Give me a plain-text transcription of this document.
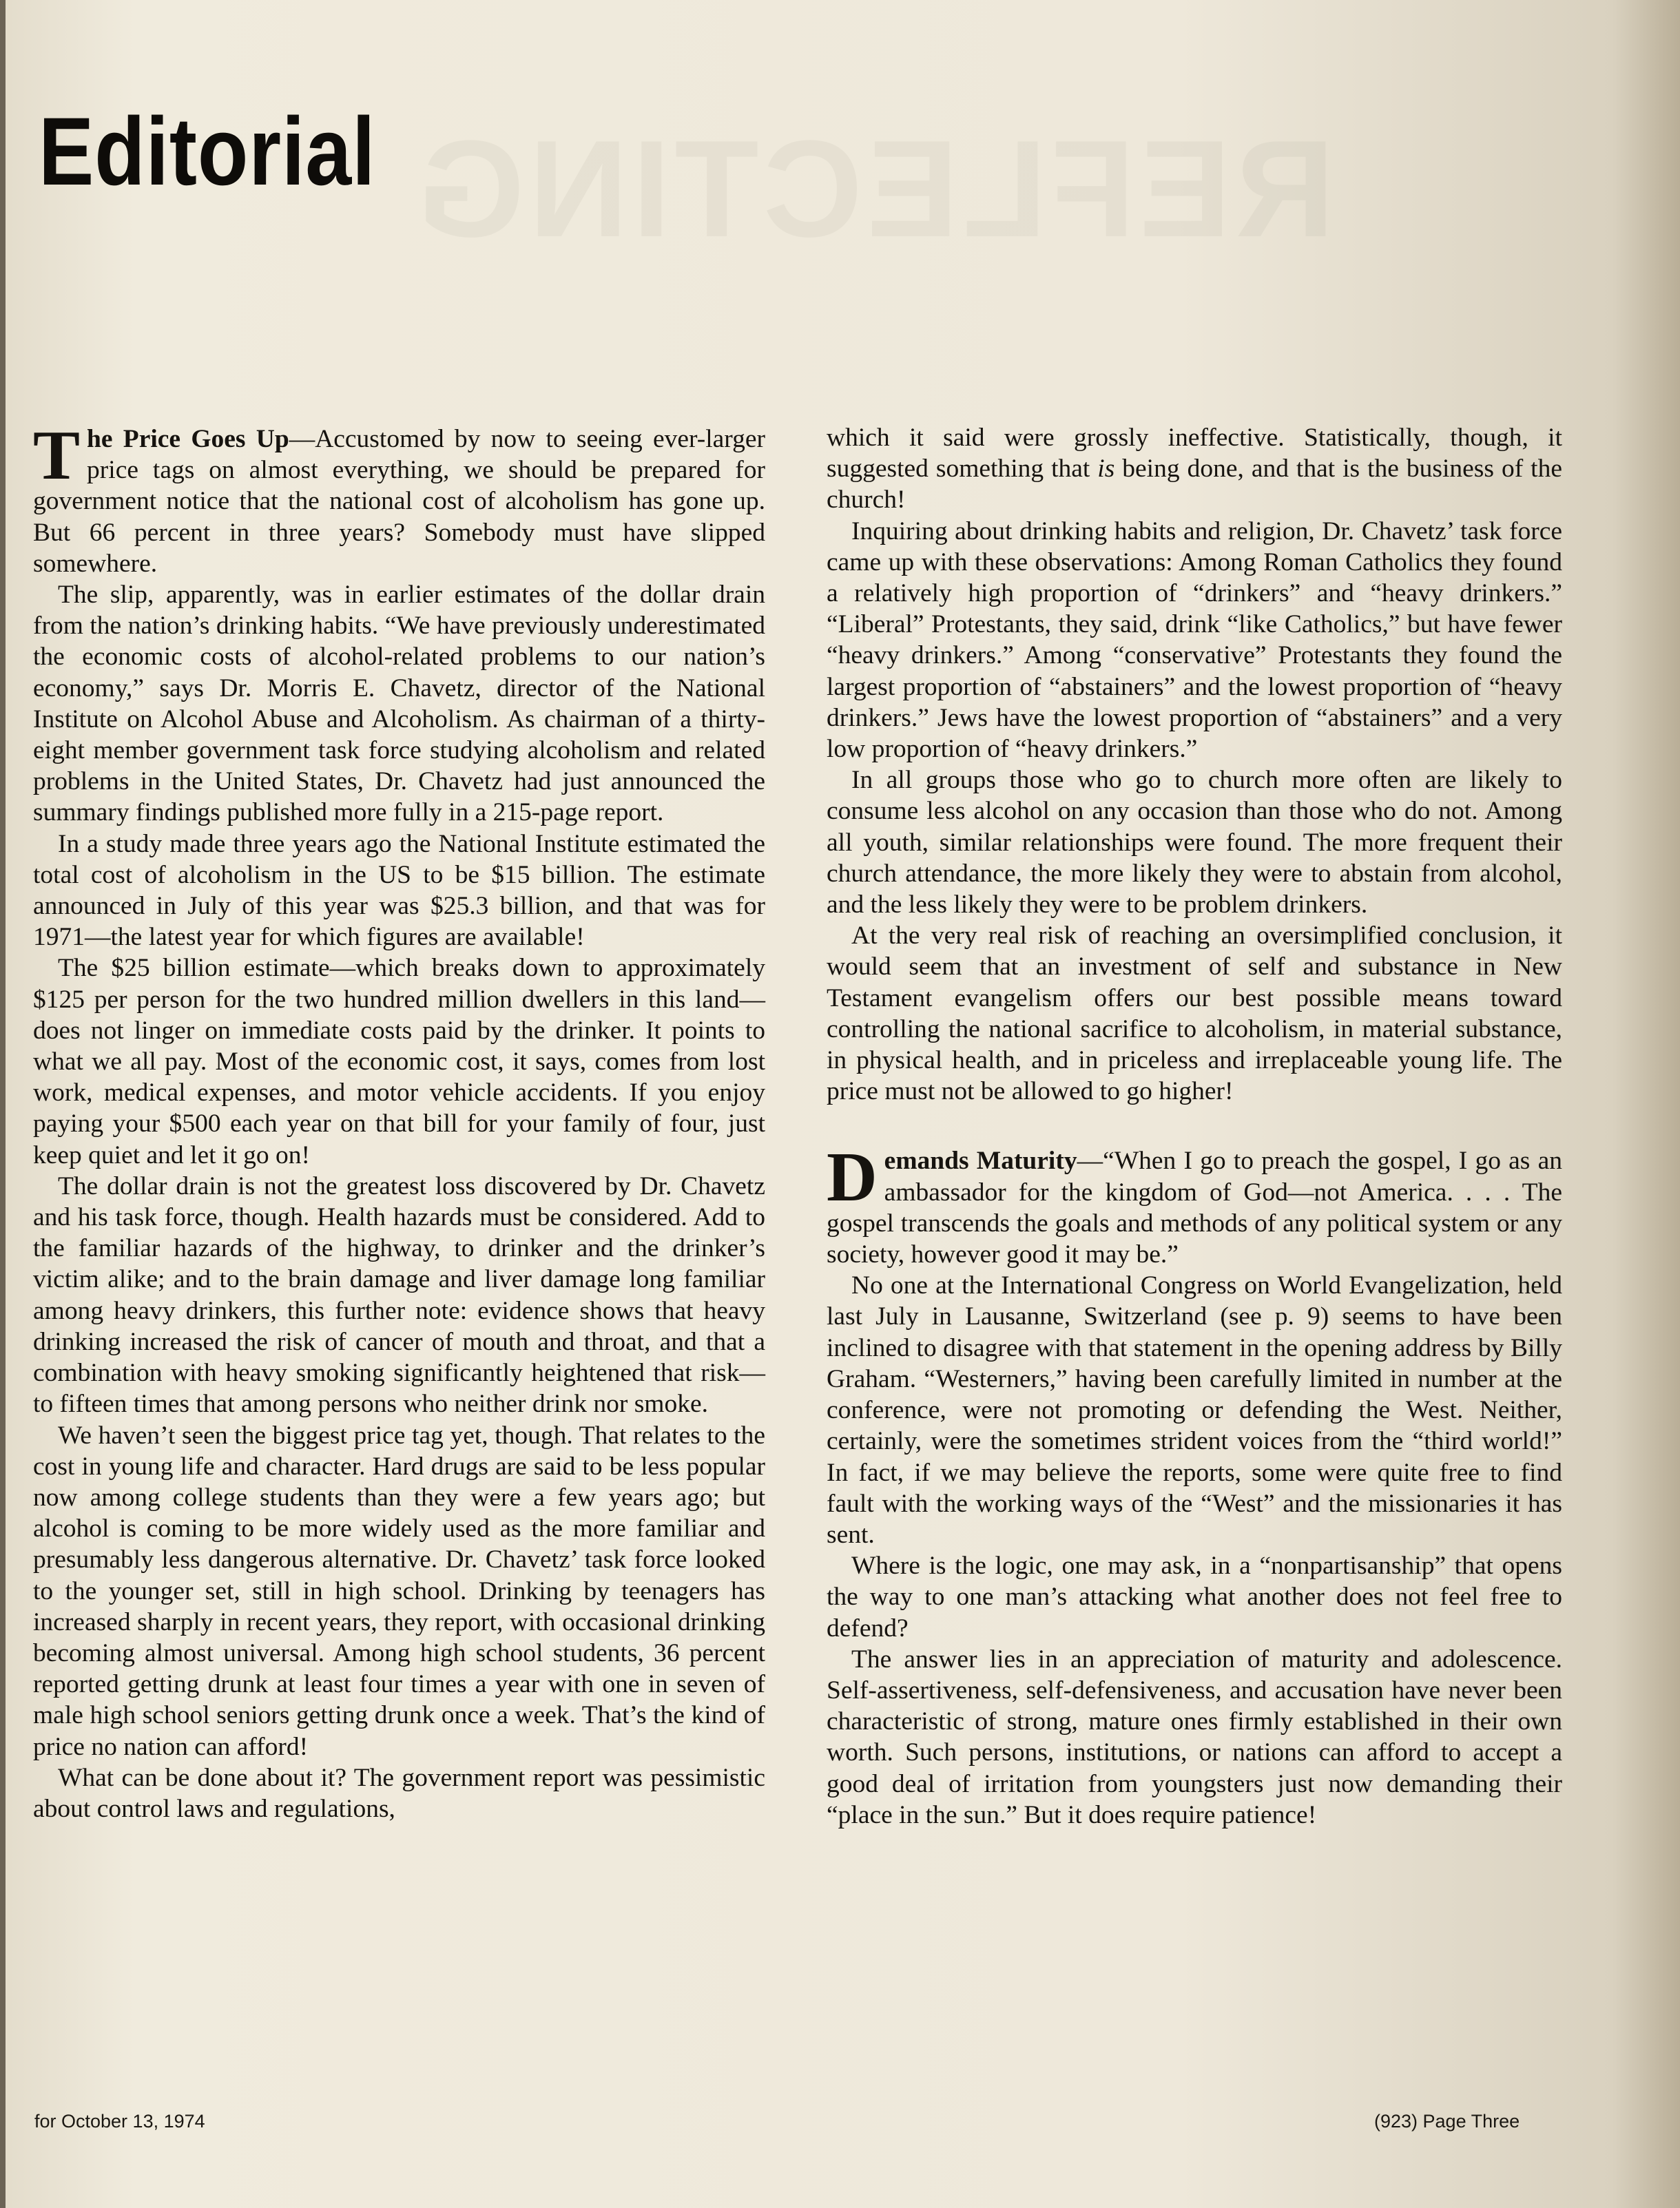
REFLECTING
Editorial

The Price Goes Up—Accustomed by now to seeing ever-larger price tags on almost everything, we should be prepared for government notice that the national cost of alcoholism has gone up. But 66 percent in three years? Somebody must have slipped somewhere.

The slip, apparently, was in earlier estimates of the dollar drain from the nation’s drinking habits. “We have previously underestimated the economic costs of alcohol-related problems to our nation’s economy,” says Dr. Morris E. Chavetz, director of the National Institute on Alcohol Abuse and Alcoholism. As chairman of a thirty-eight member government task force studying alcoholism and related problems in the United States, Dr. Chavetz had just announced the summary findings published more fully in a 215-page report.

In a study made three years ago the National Institute estimated the total cost of alcoholism in the US to be $15 billion. The estimate announced in July of this year was $25.3 billion, and that was for 1971—the latest year for which figures are available!

The $25 billion estimate—which breaks down to approximately $125 per person for the two hundred million dwellers in this land—does not linger on immediate costs paid by the drinker. It points to what we all pay. Most of the economic cost, it says, comes from lost work, medical expenses, and motor vehicle accidents. If you enjoy paying your $500 each year on that bill for your family of four, just keep quiet and let it go on!

The dollar drain is not the greatest loss discovered by Dr. Chavetz and his task force, though. Health hazards must be considered. Add to the familiar hazards of the highway, to drinker and the drinker’s victim alike; and to the brain damage and liver damage long familiar among heavy drinkers, this further note: evidence shows that heavy drinking increased the risk of cancer of mouth and throat, and that a combination with heavy smoking significantly heightened that risk—to fifteen times that among persons who neither drink nor smoke.

We haven’t seen the biggest price tag yet, though. That relates to the cost in young life and character. Hard drugs are said to be less popular now among college students than they were a few years ago; but alcohol is coming to be more widely used as the more familiar and presumably less dangerous alternative. Dr. Chavetz’ task force looked to the younger set, still in high school. Drinking by teenagers has increased sharply in recent years, they report, with occasional drinking becoming almost universal. Among high school students, 36 percent reported getting drunk at least four times a year with one in seven of male high school seniors getting drunk once a week. That’s the kind of price no nation can afford!

What can be done about it? The government report was pessimistic about control laws and regulations,

which it said were grossly ineffective. Statistically, though, it suggested something that is being done, and that is the business of the church!

Inquiring about drinking habits and religion, Dr. Chavetz’ task force came up with these observations: Among Roman Catholics they found a relatively high proportion of “drinkers” and “heavy drinkers.” “Liberal” Protestants, they said, drink “like Catholics,” but have fewer “heavy drinkers.” Among “conservative” Protestants they found the largest proportion of “abstainers” and the lowest proportion of “heavy drinkers.” Jews have the lowest proportion of “abstainers” and a very low proportion of “heavy drinkers.”

In all groups those who go to church more often are likely to consume less alcohol on any occasion than those who do not. Among all youth, similar relationships were found. The more frequent their church attendance, the more likely they were to abstain from alcohol, and the less likely they were to be problem drinkers.

At the very real risk of reaching an oversimplified conclusion, it would seem that an investment of self and substance in New Testament evangelism offers our best possible means toward controlling the national sacrifice to alcoholism, in material substance, in physical health, and in priceless and irreplaceable young life. The price must not be allowed to go higher!

Demands Maturity—“When I go to preach the gospel, I go as an ambassador for the kingdom of God—not America. . . . The gospel transcends the goals and methods of any political system or any society, however good it may be.”

No one at the International Congress on World Evangelization, held last July in Lausanne, Switzerland (see p. 9) seems to have been inclined to disagree with that statement in the opening address by Billy Graham. “Westerners,” having been carefully limited in number at the conference, were not promoting or defending the West. Neither, certainly, were the sometimes strident voices from the “third world!” In fact, if we may believe the reports, some were quite free to find fault with the working ways of the “West” and the missionaries it has sent.

Where is the logic, one may ask, in a “nonpartisanship” that opens the way to one man’s attacking what another does not feel free to defend?

The answer lies in an appreciation of maturity and adolescence. Self-assertiveness, self-defensiveness, and accusation have never been characteristic of strong, mature ones firmly established in their own worth. Such persons, institutions, or nations can afford to accept a good deal of irritation from youngsters just now demanding their “place in the sun.” But it does require patience!

for October 13, 1974	(923) Page Three
